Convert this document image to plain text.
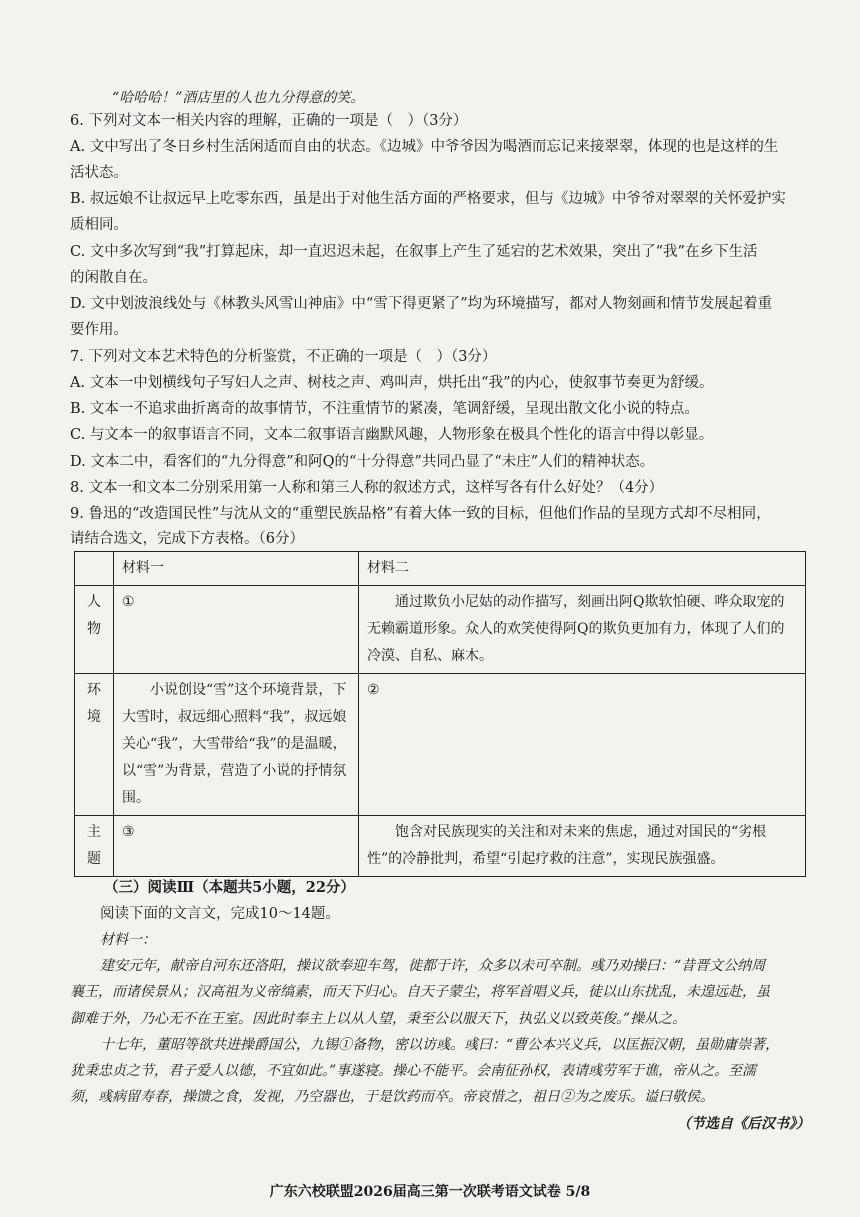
“哈哈哈！”酒店里的人也九分得意的笑。
6. 下列对文本一相关内容的理解，正确的一项是（　）（3分）
A. 文中写出了冬日乡村生活闲适而自由的状态。《边城》中爷爷因为喝酒而忘记来接翠翠，体现的也是这样的生
活状态。
B. 叔远娘不让叔远早上吃零东西，虽是出于对他生活方面的严格要求，但与《边城》中爷爷对翠翠的关怀爱护实
质相同。
C. 文中多次写到“我”打算起床，却一直迟迟未起，在叙事上产生了延宕的艺术效果，突出了“我”在乡下生活
的闲散自在。
D. 文中划波浪线处与《林教头风雪山神庙》中“雪下得更紧了”均为环境描写，都对人物刻画和情节发展起着重
要作用。
7. 下列对文本艺术特色的分析鉴赏，不正确的一项是（　）（3分）
A. 文本一中划横线句子写妇人之声、树枝之声、鸡叫声，烘托出“我”的内心，使叙事节奏更为舒缓。
B. 文本一不追求曲折离奇的故事情节，不注重情节的紧凑，笔调舒缓，呈现出散文化小说的特点。
C. 与文本一的叙事语言不同，文本二叙事语言幽默风趣，人物形象在极具个性化的语言中得以彰显。
D. 文本二中，看客们的“九分得意”和阿Q的“十分得意”共同凸显了“未庄”人们的精神状态。
8. 文本一和文本二分别采用第一人称和第三人称的叙述方式，这样写各有什么好处？（4分）
9. 鲁迅的“改造国民性”与沈从文的“重塑民族品格”有着大体一致的目标，但他们作品的呈现方式却不尽相同，
请结合选文，完成下方表格。（6分）
	材料一	材料二
人物	①	通过欺负小尼姑的动作描写，刻画出阿Q欺软怕硬、哗众取宠的无赖霸道形象。众人的欢笑使得阿Q的欺负更加有力，体现了人们的冷漠、自私、麻木。

环境	小说创设“雪”这个环境背景，下大雪时，叔远细心照料“我”，叔远娘关心“我”，大雪带给“我”的是温暖，以“雪”为背景，营造了小说的抒情氛围。	②
主题	③	饱含对民族现实的关注和对未来的焦虑，通过对国民的“劣根性”的冷静批判，希望“引起疗救的注意”，实现民族强盛。

（三）阅读Ⅲ（本题共5小题，22分）
阅读下面的文言文，完成10～14题。
材料一：
建安元年，献帝自河东还洛阳，操议欲奉迎车驾，徙都于许，众多以未可卒制。彧乃劝操曰：“昔晋文公纳周
襄王，而诸侯景从；汉高祖为义帝缟素，而天下归心。自天子蒙尘，将军首唱义兵，徒以山东扰乱，未遑远赴，虽
御难于外，乃心无不在王室。因此时奉主上以从人望，秉至公以服天下，执弘义以致英俊。”操从之。
十七年，董昭等欲共进操爵国公，九锡①备物，密以访彧。彧曰：“曹公本兴义兵，以匡振汉朝，虽勋庸崇著，
犹秉忠贞之节，君子爱人以德，不宜如此。”事遂寝。操心不能平。会南征孙权，表请彧劳军于谯，帝从之。至濡
须，彧病留寿春，操馈之食，发视，乃空器也，于是饮药而卒。帝哀惜之，祖日②为之废乐。谥曰敬侯。
（节选自《后汉书》）
广东六校联盟2026届高三第一次联考语文试卷 5/8
